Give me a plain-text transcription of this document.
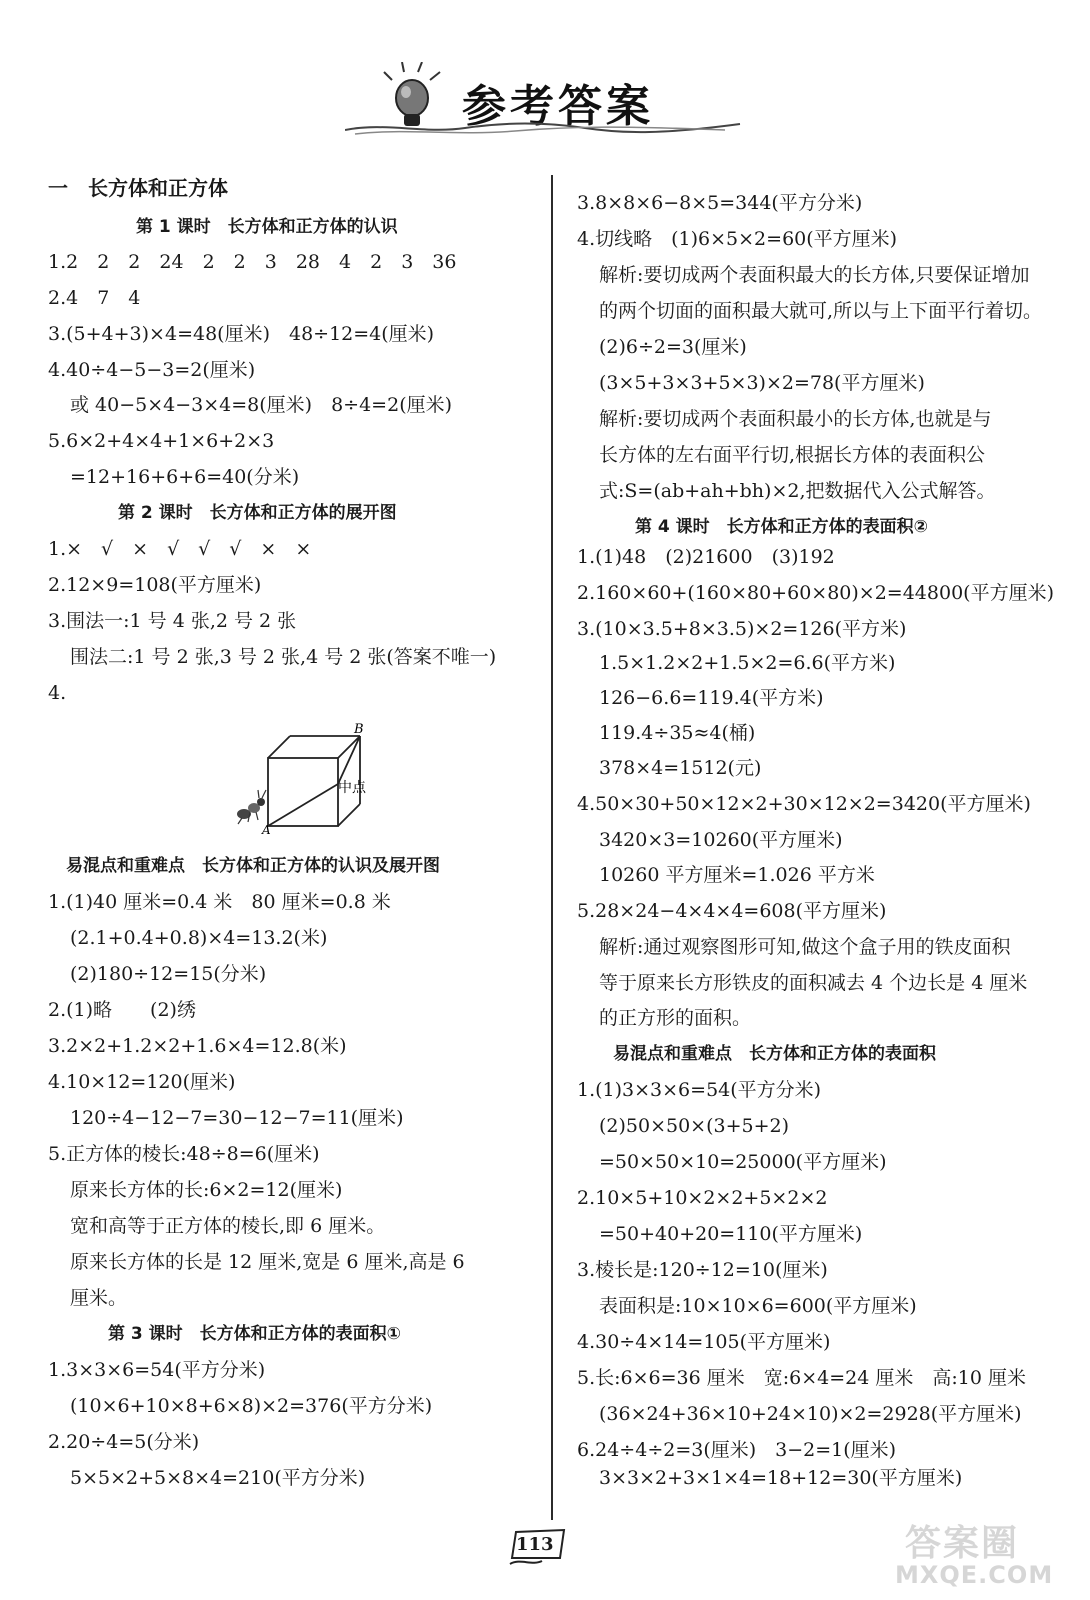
参考答案
一　长方体和正方体
第 1 课时　长方体和正方体的认识
1.2　2　2　24　2　2　3　28　4　2　3　36
2.4　7　4
3.(5+4+3)×4=48(厘米)　48÷12=4(厘米)
4.40÷4−5−3=2(厘米)
或 40−5×4−3×4=8(厘米)　8÷4=2(厘米)
5.6×2+4×4+1×6+2×3
=12+16+6+6=40(分米)
第 2 课时　长方体和正方体的展开图
1.×　√　×　√　√　√　×　×
2.12×9=108(平方厘米)
3.围法一:1 号 4 张,2 号 2 张
围法二:1 号 2 张,3 号 2 张,4 号 2 张(答案不唯一)
4.
易混点和重难点　长方体和正方体的认识及展开图
1.(1)40 厘米=0.4 米　80 厘米=0.8 米
(2.1+0.4+0.8)×4=13.2(米)
(2)180÷12=15(分米)
2.(1)略　　(2)绣
3.2×2+1.2×2+1.6×4=12.8(米)
4.10×12=120(厘米)
120÷4−12−7=30−12−7=11(厘米)
5.正方体的棱长:48÷8=6(厘米)
原来长方体的长:6×2=12(厘米)
宽和高等于正方体的棱长,即 6 厘米。
原来长方体的长是 12 厘米,宽是 6 厘米,高是 6
厘米。
第 3 课时　长方体和正方体的表面积①
1.3×3×6=54(平方分米)
(10×6+10×8+6×8)×2=376(平方分米)
2.20÷4=5(分米)
5×5×2+5×8×4=210(平方分米)
3.8×8×6−8×5=344(平方分米)
4.切线略　(1)6×5×2=60(平方厘米)
解析:要切成两个表面积最大的长方体,只要保证增加
的两个切面的面积最大就可,所以与上下面平行着切。
(2)6÷2=3(厘米)
(3×5+3×3+5×3)×2=78(平方厘米)
解析:要切成两个表面积最小的长方体,也就是与
长方体的左右面平行切,根据长方体的表面积公
式:S=(ab+ah+bh)×2,把数据代入公式解答。
第 4 课时　长方体和正方体的表面积②
1.(1)48　(2)21600　(3)192
2.160×60+(160×80+60×80)×2=44800(平方厘米)
3.(10×3.5+8×3.5)×2=126(平方米)
1.5×1.2×2+1.5×2=6.6(平方米)
126−6.6=119.4(平方米)
119.4÷35≈4(桶)
378×4=1512(元)
4.50×30+50×12×2+30×12×2=3420(平方厘米)
3420×3=10260(平方厘米)
10260 平方厘米=1.026 平方米
5.28×24−4×4×4=608(平方厘米)
解析:通过观察图形可知,做这个盒子用的铁皮面积
等于原来长方形铁皮的面积减去 4 个边长是 4 厘米
的正方形的面积。
易混点和重难点　长方体和正方体的表面积
1.(1)3×3×6=54(平方分米)
(2)50×50×(3+5+2)
=50×50×10=25000(平方厘米)
2.10×5+10×2×2+5×2×2
=50+40+20=110(平方厘米)
3.棱长是:120÷12=10(厘米)
表面积是:10×10×6=600(平方厘米)
4.30÷4×14=105(平方厘米)
5.长:6×6=36 厘米　宽:6×4=24 厘米　高:10 厘米
(36×24+36×10+24×10)×2=2928(平方厘米)
6.24÷4÷2=3(厘米)　3−2=1(厘米)
3×3×2+3×1×4=18+12=30(平方厘米)
B
A
中点
113	答案圈
MXQE.COM
